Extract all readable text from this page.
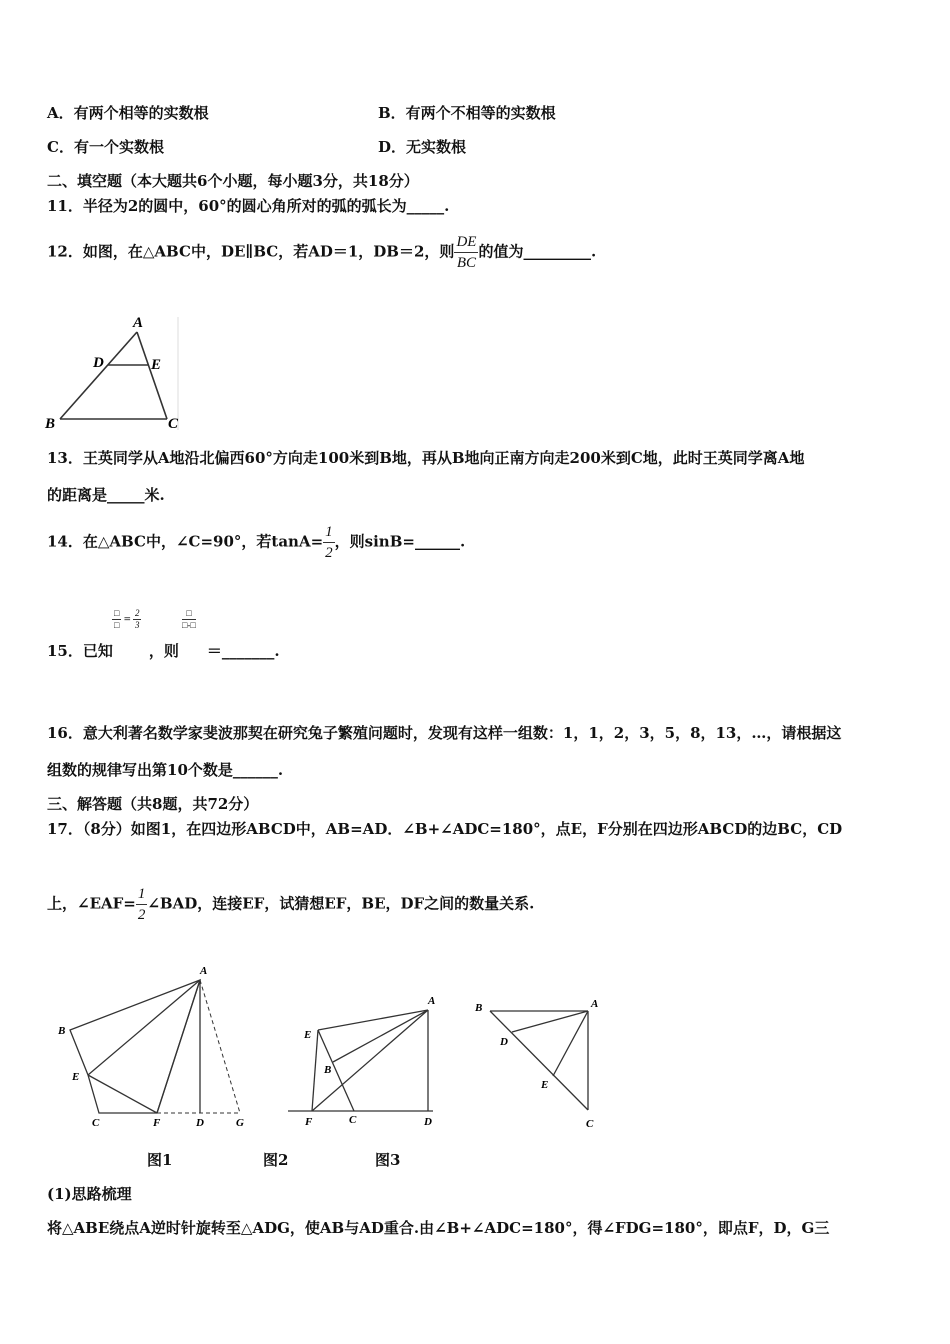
A．有两个相等的实数根	B．有两个不相等的实数根
C．有一个实数根	D．无实数根
二、填空题（本大题共6个小题，每小题3分，共18分）
11．半径为2的圆中，60°的圆心角所对的弧的弧长为_____.
12．如图，在△ABC中，DE∥BC，若AD＝1，DB＝2，则 $\frac{DE}{BC}$ 的值为_________.
A
D	E
B	C
13．王英同学从A地沿北偏西60°方向走100米到B地，再从B地向正南方向走200米到C地，此时王英同学离A地
的距离是_____米.
14．在△ABC中，∠C=90°，若$\tan A= \frac{1}{2}$ ，则sinB=______.
$\frac{□}{□} = \frac{2}{3}$	$\frac{□}{□-□}$
15．已知 ，则 ＝_______.
16．意大利著名数学家斐波那契在研究兔子繁殖问题时，发现有这样一组数：1，1，2，3，5，8，13，…，请根据这
组数的规律写出第10个数是______.
三、解答题（共8题，共72分）
17．（8分）如图1，在四边形ABCD中，AB=AD．∠B+∠ADC=180°，点E，F分别在四边形ABCD的边BC，CD
上，∠EAF= $\frac{1}{2}$ ∠BAD，连接EF，试猜想EF，BE，DF之间的数量关系.
A
B
E
C	F	D	G
A
E
B
F	C	D
A
B
D
E
C
图1	图2	图3
(1)思路梳理
将△ABE绕点A逆时针旋转至△ADG，使AB与AD重合.由∠B+∠ADC=180°，得∠FDG=180°，即点F，D，G三
